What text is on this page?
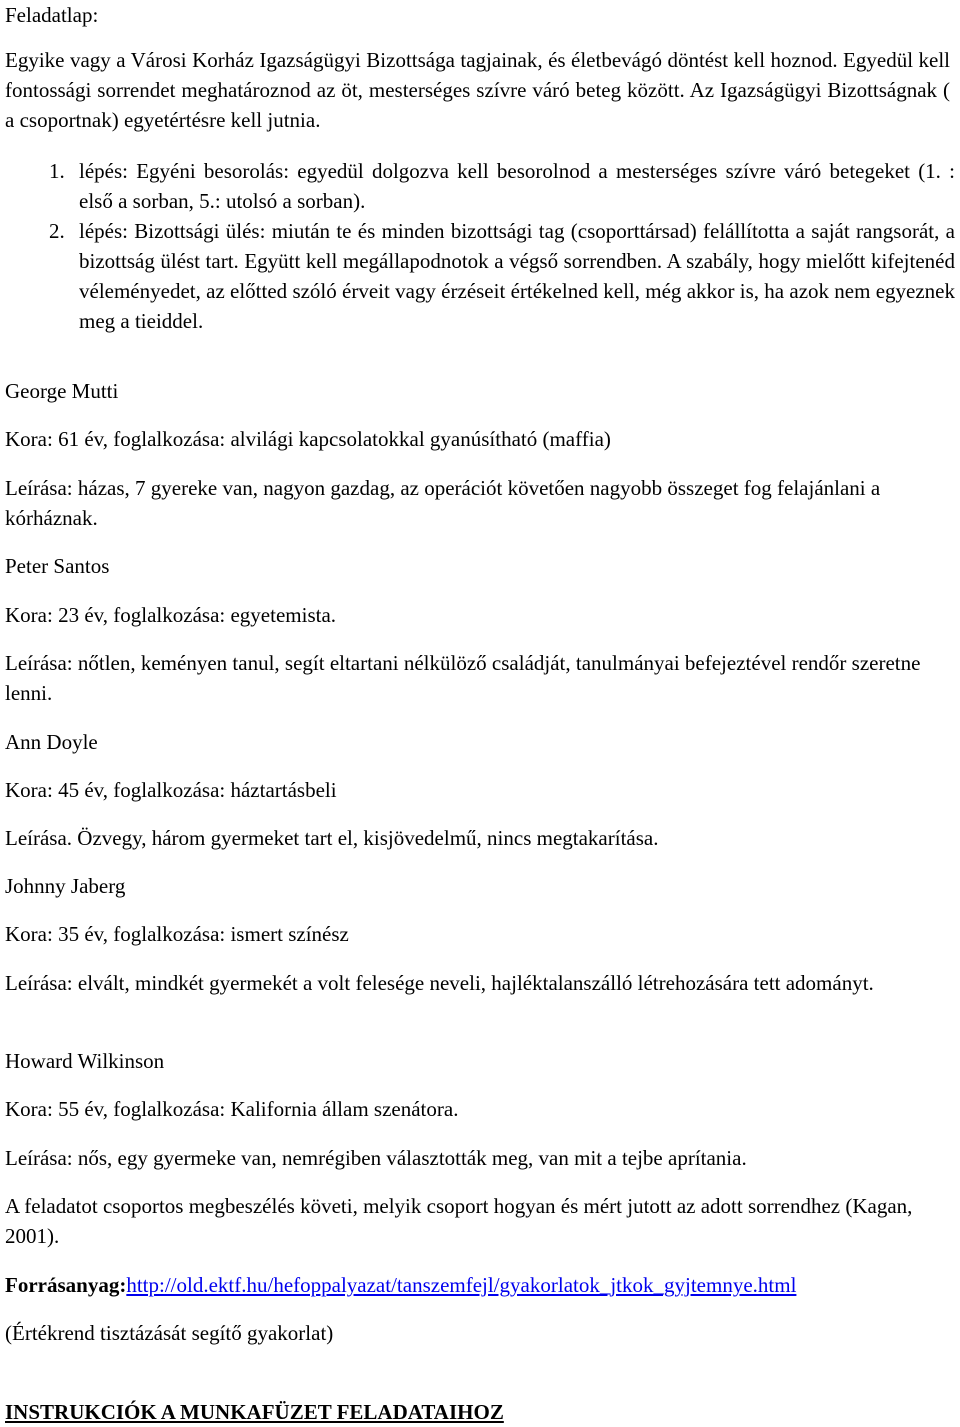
Feladatlap:

Egyike vagy a Városi Korház Igazságügyi Bizottsága tagjainak, és életbevágó döntést kell hoznod. Egyedül kell fontossági sorrendet meghatároznod az öt, mesterséges szívre váró beteg között. Az Igazságügyi Bizottságnak ( a csoportnak) egyetértésre kell jutnia.

1. lépés: Egyéni besorolás: egyedül dolgozva kell besorolnod a mesterséges szívre váró betegeket (1. : első a sorban, 5.: utolsó a sorban).
2. lépés: Bizottsági ülés: miután te és minden bizottsági tag (csoporttársad) felállította a saját rangsorát, a bizottság ülést tart. Együtt kell megállapodnotok a végső sorrendben. A szabály, hogy mielőtt kifejtenéd véleményedet, az előtted szóló érveit vagy érzéseit értékelned kell, még akkor is, ha azok nem egyeznek meg a tieiddel.

George Mutti

Kora: 61 év, foglalkozása: alvilági kapcsolatokkal gyanúsítható (maffia)

Leírása: házas, 7 gyereke van, nagyon gazdag, az operációt követően nagyobb összeget fog felajánlani a kórháznak.

Peter Santos

Kora: 23 év, foglalkozása: egyetemista.

Leírása: nőtlen, keményen tanul, segít eltartani nélkülöző családját, tanulmányai befejeztével rendőr szeretne lenni.

Ann Doyle

Kora: 45 év, foglalkozása: háztartásbeli

Leírása. Özvegy, három gyermeket tart el, kisjövedelmű, nincs megtakarítása.

Johnny Jaberg

Kora: 35 év, foglalkozása: ismert színész

Leírása: elvált, mindkét gyermekét a volt felesége neveli, hajléktalanszálló létrehozására tett adományt.

Howard Wilkinson

Kora: 55 év, foglalkozása: Kalifornia állam szenátora.

Leírása: nős, egy gyermeke van, nemrégiben választották meg, van mit a tejbe aprítania.

A feladatot csoportos megbeszélés követi, melyik csoport hogyan és mért jutott az adott sorrendhez (Kagan, 2001).

Forrásanyag:http://old.ektf.hu/hefoppalyazat/tanszemfejl/gyakorlatok_jtkok_gyjtemnye.html

(Értékrend tisztázását segítő gyakorlat)

INSTRUKCIÓK A MUNKAFÜZET FELADATAIHOZ
